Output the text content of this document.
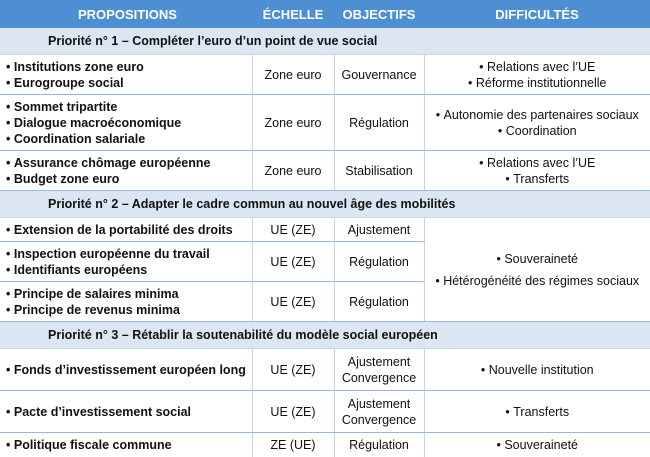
PROPOSITIONS	ÉCHELLE	OBJECTIFS	DIFFICULTÉS
Priorité n° 1 – Compléter l’euro d’un point de vue social			

• Institutions zone euro
• Eurogroupe social	Zone euro	Gouvernance	• Relations avec l’UE
• Réforme institutionnelle

• Sommet tripartite
• Dialogue macroéconomique
• Coordination salariale	Zone euro	Régulation	• Autonomie des partenaires sociaux
• Coordination

• Assurance chômage européenne
• Budget zone euro	Zone euro	Stabilisation	• Relations avec l’UE
• Transferts

Priorité n° 2 – Adapter le cadre commun au nouvel âge des mobilités			

• Extension de la portabilité des droits	UE (ZE)	Ajustement	• Souveraineté
• Hétérogénéité des régimes sociaux

• Inspection européenne du travail
• Identifiants européens	UE (ZE)	Régulation	

• Principe de salaires minima
• Principe de revenus minima	UE (ZE)	Régulation	
Priorité n° 3 – Rétablir la soutenabilité du modèle social européen			

• Fonds d’investissement européen long	UE (ZE)	Ajustement
Convergence	• Nouvelle institution

• Pacte d’investissement social	UE (ZE)	Ajustement
Convergence	• Transferts

• Politique fiscale commune	ZE (UE)	Régulation	• Souveraineté
